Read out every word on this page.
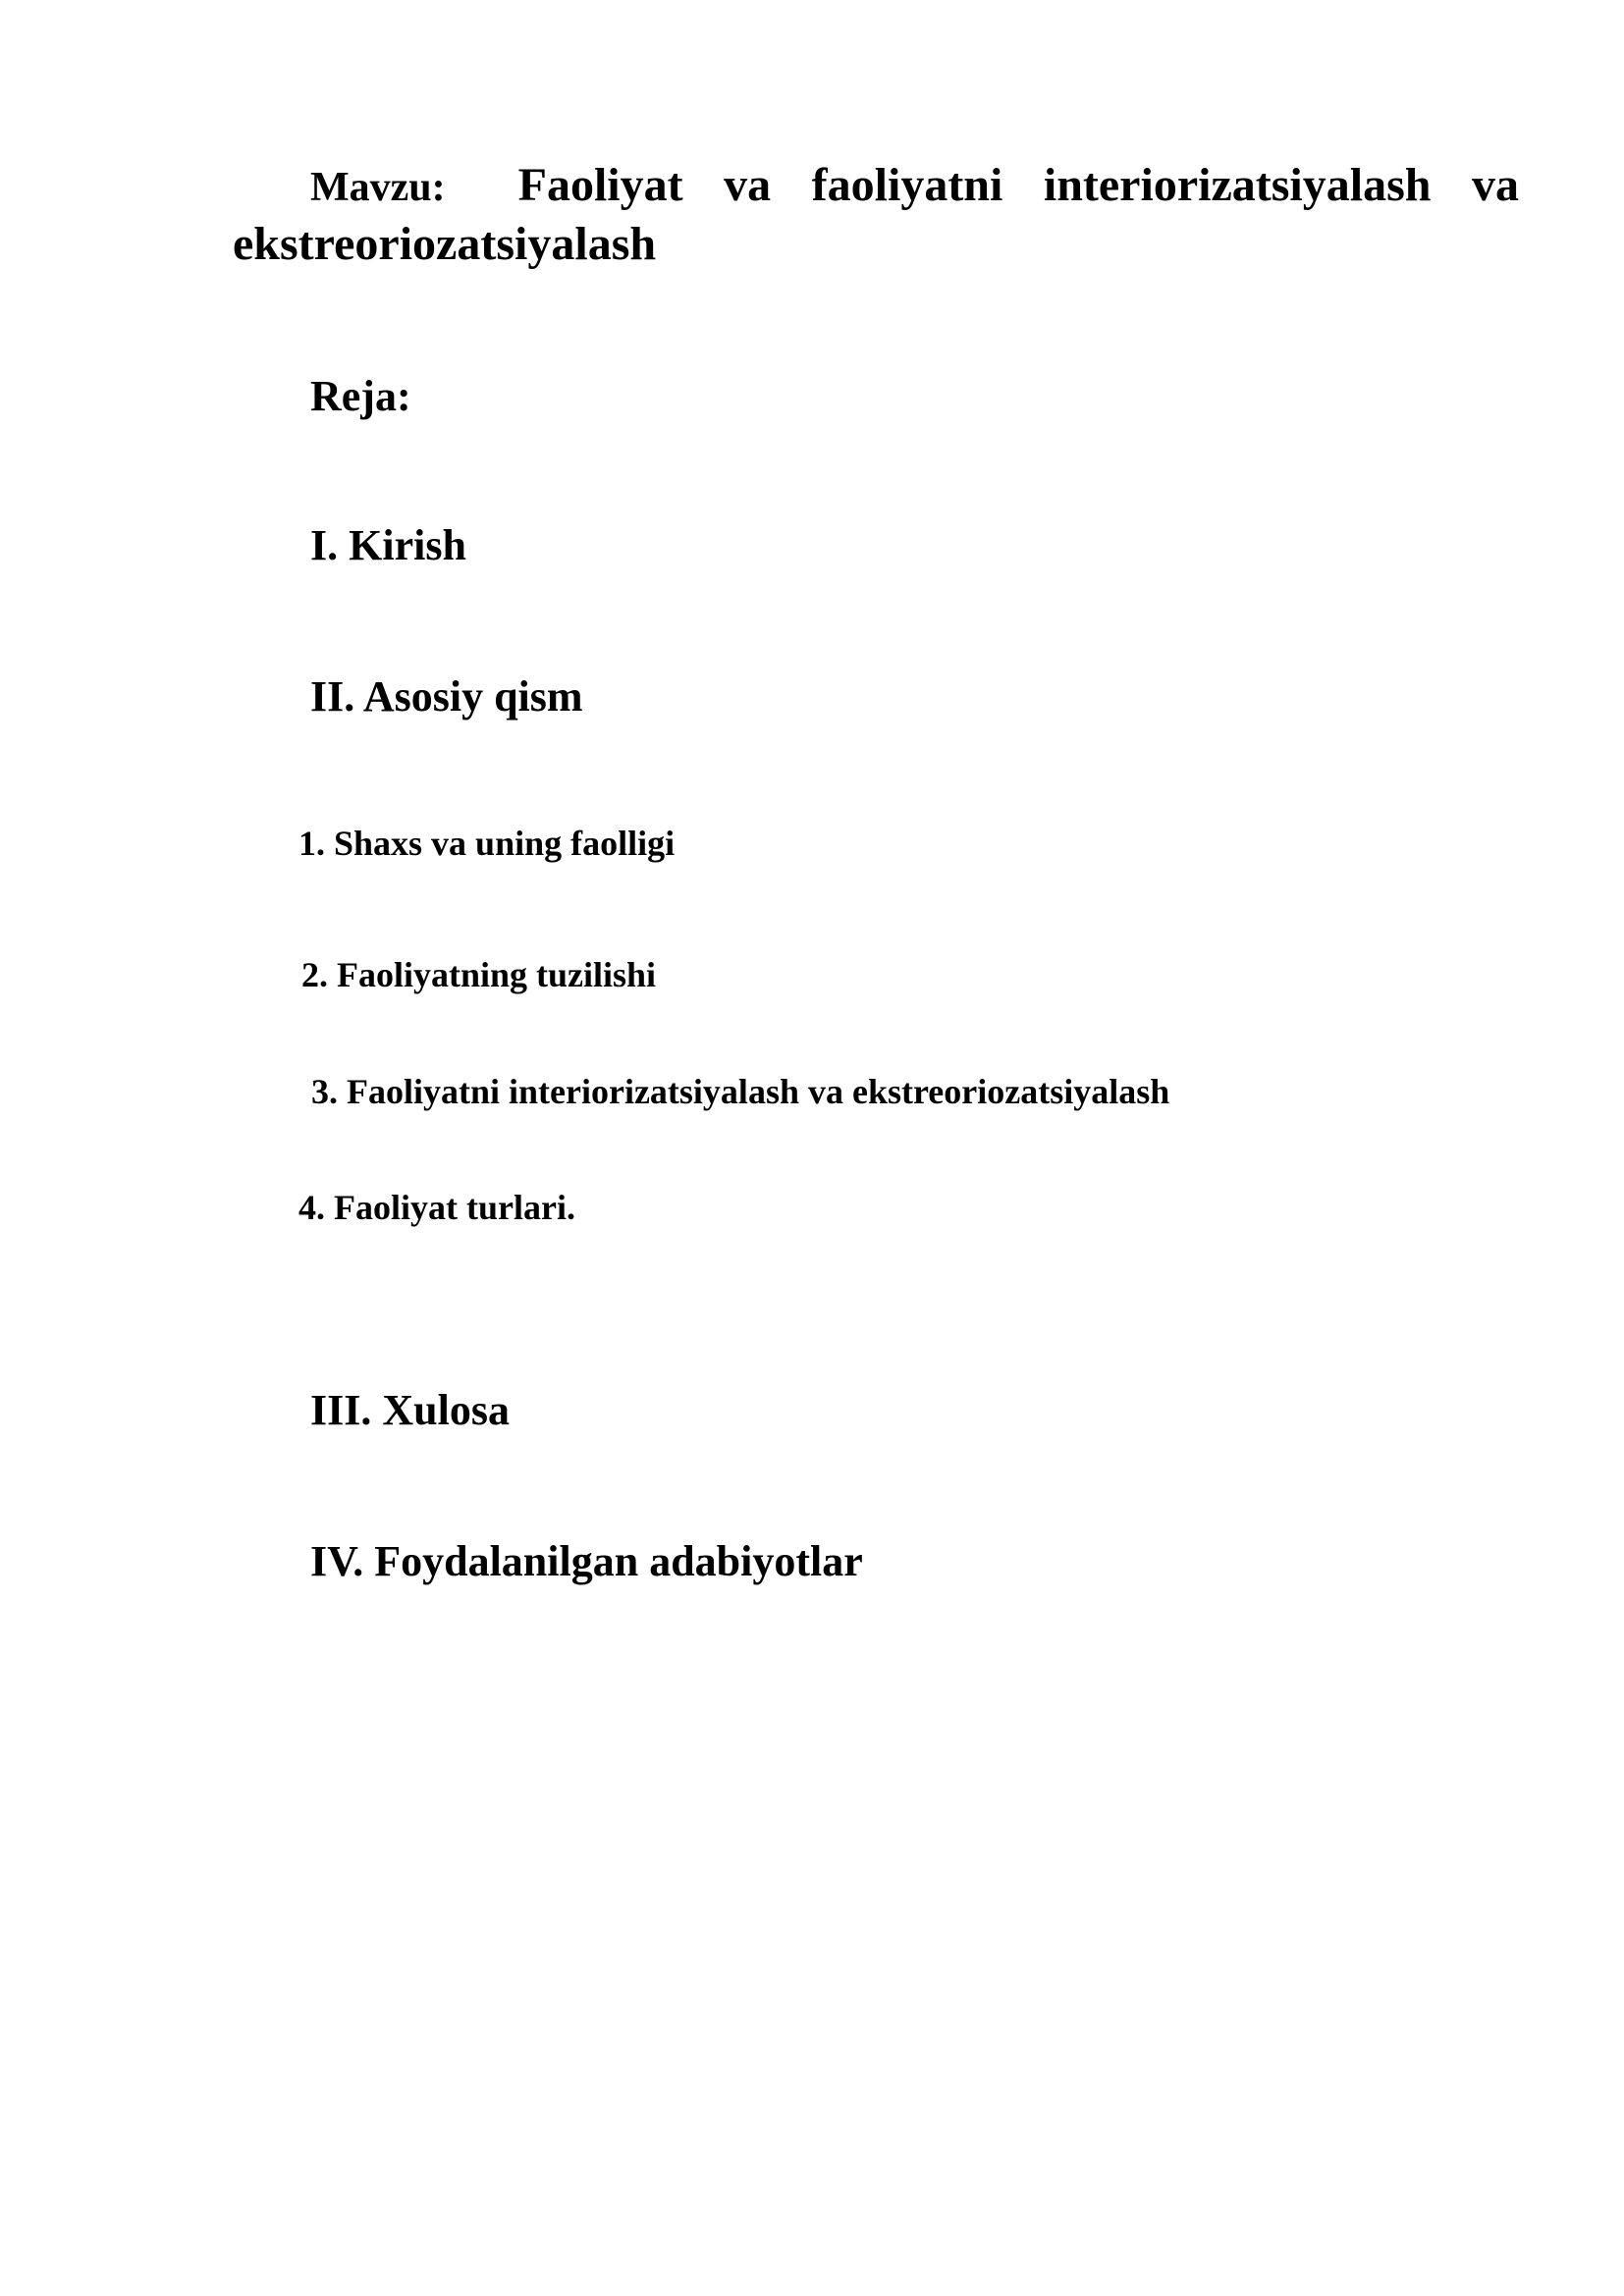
Mavzu: Faoliyat va faoliyatni interiorizatsiyalash va ekstreoriozatsiyalash
Reja:
I. Kirish
II. Asosiy qism
1. Shaxs va uning faolligi
2. Faoliyatning tuzilishi
3. Faoliyatni interiorizatsiyalash va ekstreoriozatsiyalash
4. Faoliyat turlari.
III. Xulosa
IV. Foydalanilgan adabiyotlar
